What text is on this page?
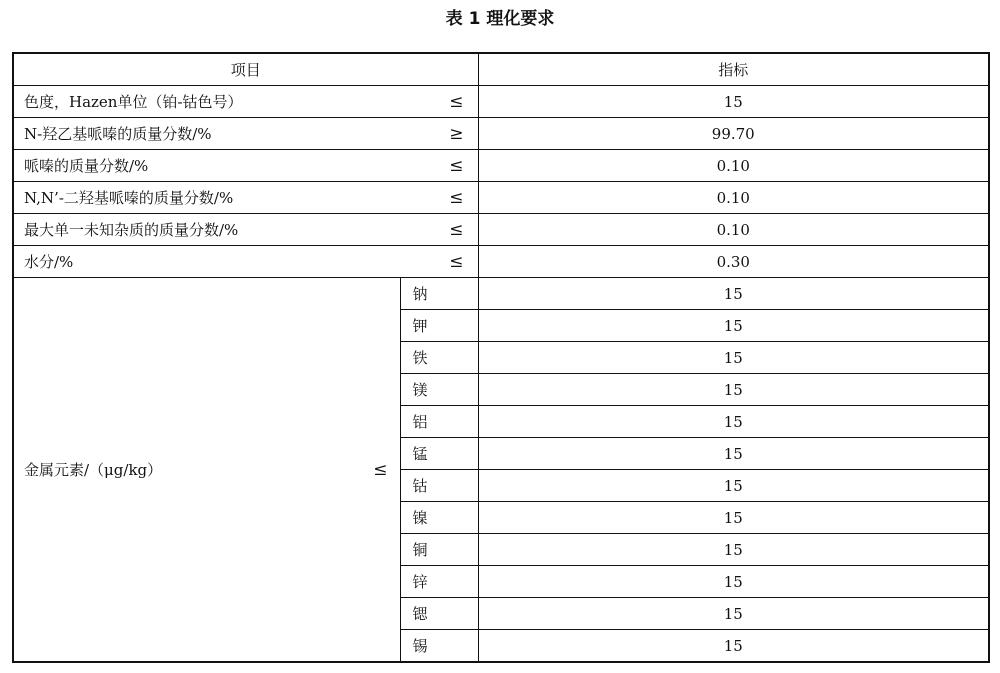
表 1 理化要求
项目		指标

色度，Hazen单位（铂-钴色号） ≤		15

N-羟乙基哌嗪的质量分数/% ≥		99.70

哌嗪的质量分数/% ≤		0.10

N,N’-二羟基哌嗪的质量分数/% ≤		0.10

最大单一未知杂质的质量分数/% ≤		0.10

水分/% ≤		0.30

金属元素/（μg/kg） ≤	钠	15
	钾	15
	铁	15
	镁	15
	铝	15
	锰	15
	钴	15
	镍	15
	铜	15
	锌	15
	锶	15
	锡	15
